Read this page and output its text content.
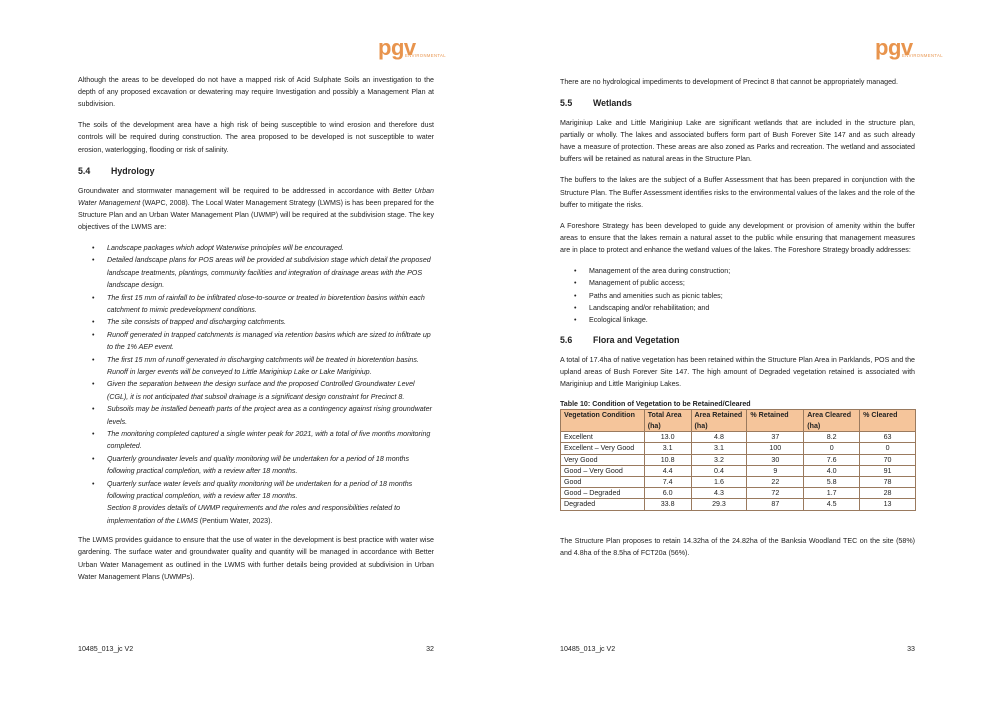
pgv
ENVIRONMENTAL

Although the areas to be developed do not have a mapped risk of Acid Sulphate Soils an investigation to the depth of any proposed excavation or dewatering may require Investigation and possibly a Management Plan at subdivision.

The soils of the development area have a high risk of being susceptible to wind erosion and therefore dust controls will be required during construction. The area proposed to be developed is not susceptible to water erosion, waterlogging, flooding or risk of salinity.

5.4 Hydrology

Groundwater and stormwater management will be required to be addressed in accordance with Better Urban Water Management (WAPC, 2008). The Local Water Management Strategy (LWMS) is has been prepared for the Structure Plan and an Urban Water Management Plan (UWMP) will be required at the subdivision stage. The key objectives of the LWMS are:

• Landscape packages which adopt Waterwise principles will be encouraged.
• Detailed landscape plans for POS areas will be provided at subdivision stage which detail the proposed landscape treatments, plantings, community facilities and integration of drainage areas with the POS landscape design.
• The first 15 mm of rainfall to be infiltrated close-to-source or treated in bioretention basins within each catchment to mimic predevelopment conditions.
• The site consists of trapped and discharging catchments.
• Runoff generated in trapped catchments is managed via retention basins which are sized to infiltrate up to the 1% AEP event.
• The first 15 mm of runoff generated in discharging catchments will be treated in bioretention basins. Runoff in larger events will be conveyed to Little Mariginiup Lake or Lake Mariginiup.
• Given the separation between the design surface and the proposed Controlled Groundwater Level (CGL), it is not anticipated that subsoil drainage is a significant design constraint for Precinct 8.
• Subsoils may be installed beneath parts of the project area as a contingency against rising groundwater levels.
• The monitoring completed captured a single winter peak for 2021, with a total of five months monitoring completed.
• Quarterly groundwater levels and quality monitoring will be undertaken for a period of 18 months following practical completion, with a review after 18 months.
• Quarterly surface water levels and quality monitoring will be undertaken for a period of 18 months following practical completion, with a review after 18 months.
Section 8 provides details of UWMP requirements and the roles and responsibilities related to implementation of the LWMS (Pentium Water, 2023).

The LWMS provides guidance to ensure that the use of water in the development is best practice with water wise gardening. The surface water and groundwater quality and quantity will be managed in accordance with Better Urban Water Management as outlined in the LWMS with further details being provided at subdivision in Urban Water Management Plans (UWMPs).

10485_013_jc V2	32
pgv
ENVIRONMENTAL

There are no hydrological impediments to development of Precinct 8 that cannot be appropriately managed.

5.5 Wetlands

Mariginiup Lake and Little Mariginiup Lake are significant wetlands that are included in the structure plan, partially or wholly. The lakes and associated buffers form part of Bush Forever Site 147 and as such already have a measure of protection. These areas are also zoned as Parks and recreation. The wetland and associated buffers will be retained as natural areas in the Structure Plan.

The buffers to the lakes are the subject of a Buffer Assessment that has been prepared in conjunction with the Structure Plan. The Buffer Assessment identifies risks to the environmental values of the lakes and the role of the buffer to mitigate the risks.

A Foreshore Strategy has been developed to guide any development or provision of amenity within the buffer areas to ensure that the lakes remain a natural asset to the public while ensuring that management measures are in place to protect and enhance the wetland values of the lakes. The Foreshore Strategy broadly addresses:

• Management of the area during construction;
• Management of public access;
• Paths and amenities such as picnic tables;
• Landscaping and/or rehabilitation; and
• Ecological linkage.
5.6 Flora and Vegetation

A total of 17.4ha of native vegetation has been retained within the Structure Plan Area in Parklands, POS and the upland areas of Bush Forever Site 147. The high amount of Degraded vegetation retained is associated with Mariginiup and Little Mariginiup Lakes.

Table 10: Condition of Vegetation to be Retained/Cleared
Vegetation Condition	Total Area (ha)	Area Retained (ha)	% Retained	Area Cleared (ha)	% Cleared
Excellent	13.0	4.8	37	8.2	63
Excellent – Very Good	3.1	3.1	100	0	0
Very Good	10.8	3.2	30	7.6	70
Good – Very Good	4.4	0.4	9	4.0	91
Good	7.4	1.6	22	5.8	78
Good – Degraded	6.0	4.3	72	1.7	28
Degraded	33.8	29.3	87	4.5	13

The Structure Plan proposes to retain 14.32ha of the 24.82ha of the Banksia Woodland TEC on the site (58%) and 4.8ha of the 8.5ha of FCT20a (56%).

10485_013_jc V2	33
